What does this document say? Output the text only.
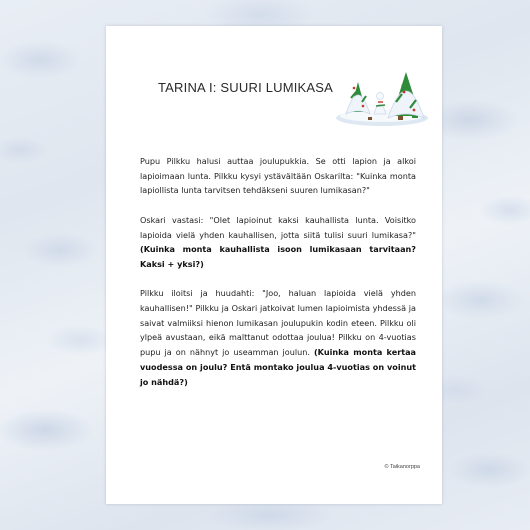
TARINA I: SUURI LUMIKASA

Pupu Pilkku halusi auttaa joulupukkia. Se otti lapion ja alkoi lapioimaan lunta. Pilkku kysyi ystävältään Oskarilta: "Kuinka monta lapiollista lunta tarvitsen tehdäkseni suuren lumikasan?"

Oskari vastasi: "Olet lapioinut kaksi kauhallista lunta. Voisitko lapioida vielä yhden kauhallisen, jotta siitä tulisi suuri lumikasa?" (Kuinka monta kauhallista isoon lumikasaan tarvitaan? Kaksi + yksi?)

Pilkku iloitsi ja huudahti: "Joo, haluan lapioida vielä yhden kauhallisen!" Pilkku ja Oskari jatkoivat lumen lapioimista yhdessä ja saivat valmiiksi hienon lumikasan joulupukin kodin eteen. Pilkku oli ylpeä avustaan, eikä malttanut odottaa joulua! Pilkku on 4-vuotias pupu ja on nähnyt jo useamman joulun. (Kuinka monta kertaa vuodessa on joulu? Entä montako joulua 4-vuotias on voinut jo nähdä?)

© Taikanorppa
